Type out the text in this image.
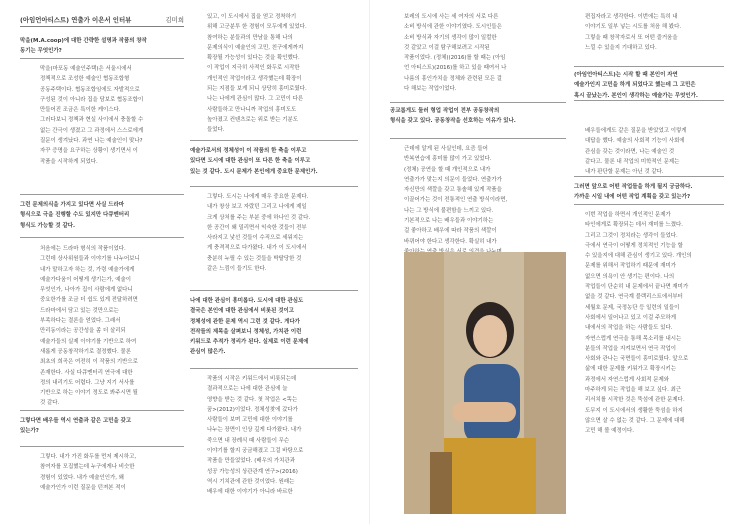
(아임언아티스트) 연출가 이은서 인터뷰	김미희
막을(M.A.coop)에 대한 간략한 설명과 작품의 창작
동기는 무엇인가?
막을(마포동 예술인주택)은 서울시에서
정책적으로 조성한 예술인 협동조합형
공동주택이다. 협동조합임에도 자발적으로
구성된 것이 아니라 집을 담보로 협동조합이
만들어진 조금은 특이한 케이스다.
그러다보니 정책과 현실 사이에서 충돌할 수
없는 간극이 생겼고 그 과정에서 스스로에게
질문이 생겨났다. 과연 나는 예술인이 맞나?
자꾸 증명을 요구하는 상황이 생기면서 이
작품을 시작하게 되었다.
그런 문제의식을 가지고 있다면 사실 드라마
형식으로 극을 진행할 수도 있지만 다큐멘터리
형식도 가능할 것 같다.
처음에는 드라마 형식의 작품이었다.
그런데 상사위원들과 이야기를 나누어보니
내가 말하고자 하는 것, 가령 예술가에게
예술가다움이 어떻게 생기는가, 예술이
무엇인가, 나아가 집이 사람에게 없다니
중요한가를 조금 더 쉽도 있게 전달하려면
드라마에서 담고 있는 것만으로는
부족하다는 결론을 얻었다. 그래서
만리동이라는 공간성을 좀 더 살리되
예술가들의 실제 이야기를 기반으로 하여
새롭게 공동창작하기로 결정했다. 물론
최초의 희곡은 여전히 이 작품의 기반으로
존재한다. 사실 다큐멘터리 연극에 대한
정의 내리기도 어렵다. 그냥 지기 서사를
기반으로 하는 이야기 정도로 봐주시면 될
것 같다.
그렇다면 배우들 역시 연출과 같은 고민을 갖고
있는가?
그렇다. 내가 가진 화두를 먼저 제시하고,
참여자를 모집했는데 누구에게나 비슷한
경험이 있었다. 내가 예술인인가, 왜
예술가인가 이런 질문을 던져본 적이
있고, 이 도시에서 집을 얻고 정착하기
위해 고군분투 한 경험이 모두에게 있었다.
참여하는 분들과의 만남을 통해 나의
문제의식이 예술인의 고민, 친구에게까지
확장될 가능성이 있다는 것을 확인했다.
이 작업이 지극히 사적인 화두로 시작한
개인적인 작업이라고 생각했는데 확장이
되는 지점들 보게 되니 상당히 흥미로웠다.
나는 나에게 관심이 많다. 그 고민이 다른
사람들하고 만나니까 작업의 흥미도도
높아졌고 컨텐츠로는 위로 받는 기분도
들었다.
예술가로서의 정체성이 이 작품의 한 축을 이루고
있다면 도시에 대한 관심이 또 다른 한 축을 이루고
있는 것 같다. 도시 문제가 본인에게 중요한 문제인가.
그렇다. 도시는 나에게 매우 중요한 문제다.
내가 창상 보고 자랐던 그리고 나에게 제일
크게 상처를 주는 부분 중에 하나인 것 같다.
한 공간이 왜 밀리면서 익숙한 것들이 전부
사라지고 낯선 것들이 수직으로 세워지는
게 충격적으로 다가왔다. 내가 이 도시에서
충분히 누릴 수 있는 것들을 박탈당한 것
같은 느낌이 들기도 한다.
나에 대한 관심이 흥미롭다. 도시에 대한 관심도
결국은 본인에 대한 관심에서 비롯된 것이고
정체성에 관한 문제 역시 그런 것 같다. 게다가
전작들의 제목을 살펴보니 정체성, 가치관 이런
키워드로 추적가 정리가 된다. 실제로 이런 문제에
관심이 많은가.
작품의 시작은 키워드에서 비롯되는데
결과적으로는 나에 대한 관심에 늘
영향을 받는 것 같다. 첫 작업은 <똑는
꿈>(2012)이었다. 정체성찾에 갔다가
사람들이 보며 고민에 대한 이야기를
나누는 장면이 인상 깊게 다가왔다. 내가
죽으면 내 장례식 때 사람들이 무슨
이야기를 할지 궁금해졌고 그걸 바탕으로
작품을 만들었었다. (배우의 가치관과
성공 가능성의 상관관계 연구>(2016)
역시 기치관에 관한 것이었다. 원래는
배우에 대한 이야기가 아니라 바르한
보레의 도시에 사는 세 여자의 서로 다른
소비 방식에 관한 이야기였다. 도시인들은
소비 방식과 자기의 생각이 많이 일컬한
것 같았고 이걸 탐구해보려고 시작된
작품이었다. (정체)(2016)를 할 때는 (아임
언 아티스트)(2016)를 하고 있을 때여서 나
나름의 흥인가치을 정체와 관련된 모든 걸
다 해보는 작업이었다.
공교롭게도 둘러 형업 작업이 전부 공동창작의
형식을 갖고 있다. 공동창작을 선호하는 이유가 있나.
근데에 알게 된 사실인데, 요즘 들어
반복연습에 흥미를 많이 가고 있었다.
(정체) 공연을 할 때 개인적으로 내가
연출가가 맞는지 의문이 들었다. 연출가가
자신만의 색깔을 갖고 통솔해 있게 작품을
이끌어가는 것이 전통적인 연출 방식이라면,
나는 그 방식에 불편함을 느끼고 있다.
기본적으로 나는 배우들과 이야기하는
걸 좋아하고 배우에 따라 작품의 색깔이
바뀌어야 한다고 생각한다. 확실히 내가

편집자라고 생각한다. 이번에는 특히 내
이야기도 일부 넣는 시도를 처음 해 봤다.
그렇을 때 창작자로서 또 어떤 즐거움을
느낄 수 있을지 기대하고 있다.
(아임언아티스트)는 시작 할 때 본인이 자연
예술가인지 고민을 하게 되었다고 했는데 그 고민은
혹시 끝났는가. 본인이 생각하는 예술가는 무엇인가.
배우들에게도 같은 질문을 받았었고 이렇게
대답을 했다. 예술의 사회적 기능이 사회에
관심을 갖는 것이라면, 나는 예술인 것
같다고. 물론 내 작업의 미학적인 문제는
내가 판단할 문제는 아닌 것 같다.
그러면 앞으로 어떤 작업들을 하게 될지 궁금하다.
가까운 시일 내에 어떤 작업 계획을 갖고 있는가?
이번 작업을 하면서 개인적인 문제가
타인에게로 확장되는 데서 재미를 느꼈다.
그리고 그것이 정치라는 생각이 들었다.
극에서 연극이 어떻게 정치적인 기능을 할
수 있을지에 대해 관심이 생기고 있다. 개인의
문제를 위해서 작업하기 때문에 재미가
없으면 의욕이 안 생기는 편이다. 나의
작업들이 단순히 내 문제에서 끝나면 재미가
없을 것 같다. 연극계 블랙리스트에서부터
세월호 문제, 국정농단 등 일련의 일들이
사회에서 일어나고 있고 이걸 주모하게
내에서의 작업을 하는 사람들도 있다.
자연스럽게 연극을 통해 목소리를 내시는
분들의 작업을 지켜보면서 연극 작업이
사회와 관나는 국면들이 흥미로웠다. 앞으로
삶에 대한 문제를 키워가고 확장시키는
과정에서 자연스럽게 사회적 문제와
마주하게 되는 작업을 해 보고 싶다. 최근
리서치를 시작한 것은 뚝섬에 관한 문제다.
도무지 이 도시에서의 생활한 뚝섬을 하지
않으면 살 수 없는 것 같다. 그 문제에 대해
고민 해 볼 예정이다.
